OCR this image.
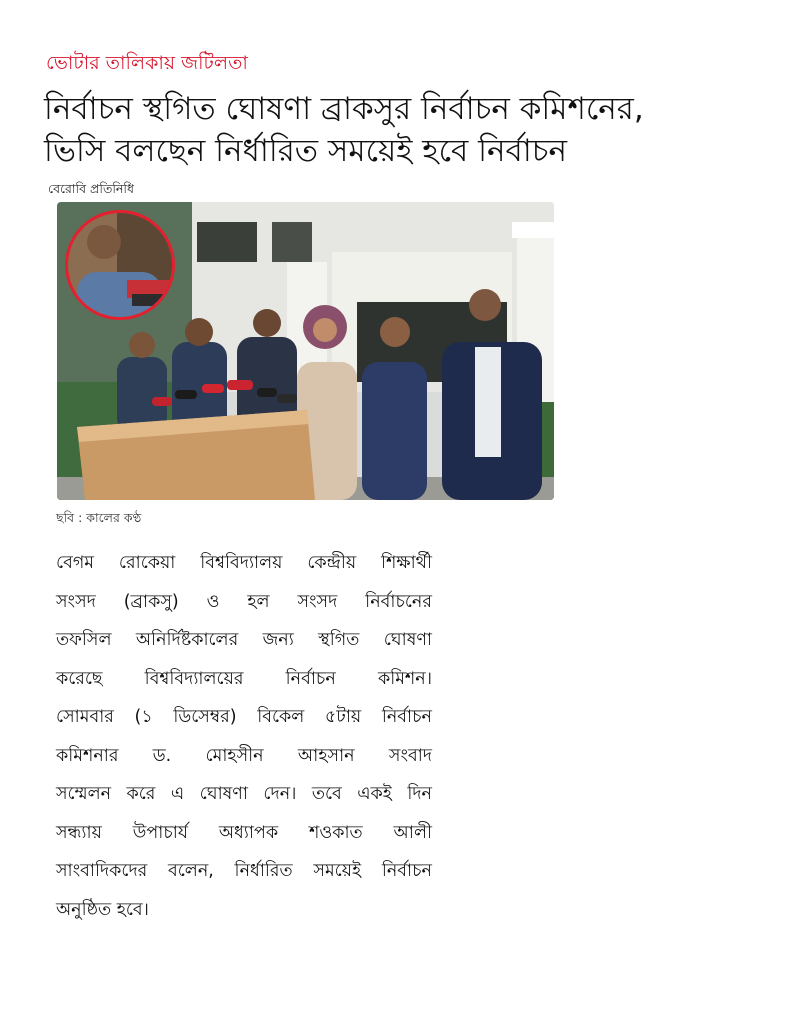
ভোটার তালিকায় জটিলতা
নির্বাচন স্থগিত ঘোষণা ব্রাকসুর নির্বাচন কমিশনের,
ভিসি বলছেন নির্ধারিত সময়েই হবে নির্বাচন
বেরোবি প্রতিনিধি
ছবি : কালের কণ্ঠ
বেগম রোকেয়া বিশ্ববিদ্যালয় কেন্দ্রীয় শিক্ষার্থী
সংসদ (ব্রাকসু) ও হল সংসদ নির্বাচনের
তফসিল অনির্দিষ্টকালের জন্য স্থগিত ঘোষণা
করেছে বিশ্ববিদ্যালয়ের নির্বাচন কমিশন।
সোমবার (১ ডিসেম্বর) বিকেল ৫টায় নির্বাচন
কমিশনার ড. মোহসীন আহসান সংবাদ
সম্মেলন করে এ ঘোষণা দেন। তবে একই দিন
সন্ধ্যায় উপাচার্য অধ্যাপক শওকাত আলী
সাংবাদিকদের বলেন, নির্ধারিত সময়েই নির্বাচন
অনুষ্ঠিত হবে।
